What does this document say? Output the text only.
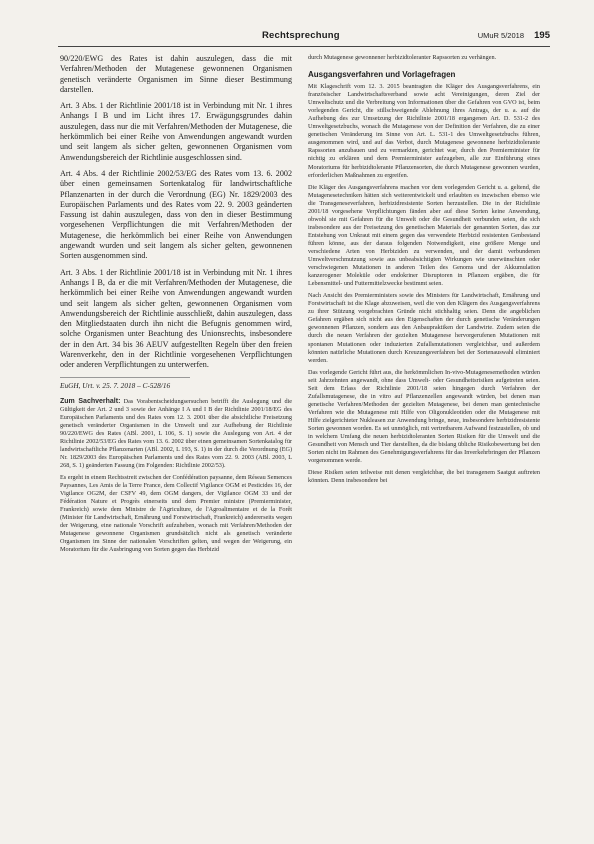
Rechtsprechung	UMuR 5/2018 195

90/220/EWG des Rates ist dahin auszulegen, dass die mit Verfahren/Methoden der Mutagenese gewonnenen Organismen genetisch veränderte Organismen im Sinne dieser Bestimmung darstellen.

Art. 3 Abs. 1 der Richtlinie 2001/18 ist in Verbindung mit Nr. 1 ihres Anhangs I B und im Licht ihres 17. Erwägungsgrundes dahin auszulegen, dass nur die mit Verfahren/Methoden der Mutagenese, die herkömmlich bei einer Reihe von Anwendungen angewandt wurden und seit langem als sicher gelten, gewonnenen Organismen vom Anwendungsbereich der Richtlinie ausgeschlossen sind.

Art. 4 Abs. 4 der Richtlinie 2002/53/EG des Rates vom 13. 6. 2002 über einen gemeinsamen Sortenkatalog für landwirtschaftliche Pflanzenarten in der durch die Verordnung (EG) Nr. 1829/2003 des Europäischen Parlaments und des Rates vom 22. 9. 2003 geänderten Fassung ist dahin auszulegen, dass von den in dieser Bestimmung vorgesehenen Verpflichtungen die mit Verfahren/Methoden der Mutagenese, die herkömmlich bei einer Reihe von Anwendungen angewandt wurden und seit langem als sicher gelten, gewonnenen Sorten ausgenommen sind.

Art. 3 Abs. 1 der Richtlinie 2001/18 ist in Verbindung mit Nr. 1 ihres Anhangs I B, da er die mit Verfahren/Methoden der Mutagenese, die herkömmlich bei einer Reihe von Anwendungen angewandt wurden und seit langem als sicher gelten, gewonnenen Organismen vom Anwendungsbereich der Richtlinie ausschließt, dahin auszulegen, dass den Mitgliedstaaten durch ihn nicht die Befugnis genommen wird, solche Organismen unter Beachtung des Unionsrechts, insbesondere der in den Art. 34 bis 36 AEUV aufgestellten Regeln über den freien Warenverkehr, den in der Richtlinie vorgesehenen Verpflichtungen oder anderen Verpflichtungen zu unterwerfen.

EuGH, Urt. v. 25. 7. 2018 – C-528/16

Zum Sachverhalt: Das Vorabentscheidungsersuchen betrifft die Auslegung und die Gültigkeit der Art. 2 und 3 sowie der Anhänge I A und I B der Richtlinie 2001/18/EG des Europäischen Parlaments und des Rates vom 12. 3. 2001 über die absichtliche Freisetzung genetisch veränderter Organismen in die Umwelt und zur Aufhebung der Richtlinie 90/220/EWG des Rates (ABl. 2001, L 106, S. 1) sowie die Auslegung von Art. 4 der Richtlinie 2002/53/EG des Rates vom 13. 6. 2002 über einen gemeinsamen Sortenkatalog für landwirtschaftliche Pflanzenarten (ABl. 2002, L 193, S. 1) in der durch die Verordnung (EG) Nr. 1829/2003 des Europäischen Parlaments und des Rates vom 22. 9. 2003 (ABl. 2003, L 268, S. 1) geänderten Fassung (im Folgenden: Richtlinie 2002/53).

Es ergeht in einem Rechtsstreit zwischen der Confédération paysanne, dem Réseau Semences Paysannes, Les Amis de la Terre France, dem Collectif Vigilance OGM et Pesticides 16, der Vigilance OG2M, der CSFV 49, dem OGM dangers, der Vigilance OGM 33 und der Fédération Nature et Progrès einerseits und dem Premier ministre (Premierminister, Frankreich) sowie dem Ministre de l'Agriculture, de l'Agroalimentaire et de la Forêt (Minister für Landwirtschaft, Ernährung und Forstwirtschaft, Frankreich) andererseits wegen der Weigerung, eine nationale Vorschrift aufzuheben, wonach mit Verfahren/Methoden der Mutagenese gewonnene Organismen grundsätzlich nicht als genetisch veränderte Organismen im Sinne der nationalen Vorschriften gelten, und wegen der Weigerung, ein Moratorium für die Ausbringung von Sorten gegen das Herbizid

durch Mutagenese gewonnener herbizidtoleranter Rapssorten zu verhängen.

Ausgangsverfahren und Vorlagefragen

Mit Klageschrift vom 12. 3. 2015 beantragten die Kläger des Ausgangsverfahrens, ein französischer Landwirtschaftsverband sowie acht Vereinigungen, deren Ziel der Umweltschutz und die Verbreitung von Informationen über die Gefahren von GVO ist, beim vorlegenden Gericht, die stillschweigende Ablehnung ihres Antrags, der u. a. auf die Aufhebung des zur Umsetzung der Richtlinie 2001/18 ergangenen Art. D. 531-2 des Umweltgesetzbuchs, wonach die Mutagenese von der Definition der Verfahren, die zu einer genetischen Veränderung im Sinne von Art. L. 531-1 des Umweltgesetzbuchs führen, ausgenommen wird, und auf das Verbot, durch Mutagenese gewonnene herbizidtolerante Rapssorten anzubauen und zu vermarkten, gerichtet war, durch den Premierminister für nichtig zu erklären und dem Premierminister aufzugeben, alle zur Einführung eines Moratoriums für herbizidtolerante Pflanzensorten, die durch Mutagenese gewonnen wurden, erforderlichen Maßnahmen zu ergreifen.

Die Kläger des Ausgangsverfahrens machen vor dem vorlegenden Gericht u. a. geltend, die Mutagenesetechniken hätten sich weiterentwickelt und erlaubten es inzwischen ebenso wie die Transgeneseverfahren, herbizidresistente Sorten herzustellen. Die in der Richtlinie 2001/18 vorgesehene Verpflichtungen fänden aber auf diese Sorten keine Anwendung, obwohl sie mit Gefahren für die Umwelt oder die Gesundheit verbunden seien, die sich insbesondere aus der Freisetzung des genetischen Materials der genannten Sorten, das zur Entstehung von Unkraut mit einem gegen das verwendete Herbizid resistenten Genbestand führen könne, aus der daraus folgenden Notwendigkeit, eine größere Menge und verschiedene Arten von Herbiziden zu verwenden, und der damit verbundenen Umweltverschmutzung sowie aus unbeabsichtigten Wirkungen wie unerwünschten oder verschwiegenen Mutationen in anderen Teilen des Genoms und der Akkumulation kanzerogener Moleküle oder endokriner Disruptoren in Pflanzen ergäben, die für Lebensmittel- und Futtermittelzwecke bestimmt seien.

Nach Ansicht des Premierministers sowie des Ministers für Landwirtschaft, Ernährung und Forstwirtschaft ist die Klage abzuweisen, weil die von den Klägern des Ausgangsverfahrens zu ihrer Stützung vorgebrachten Gründe nicht stichhaltig seien. Denn die angeblichen Gefahren ergäben sich nicht aus den Eigenschaften der durch genetische Veränderungen gewonnenen Pflanzen, sondern aus den Anbaupraktiken der Landwirte. Zudem seien die durch die neuen Verfahren der gezielten Mutagenese hervorgerufenen Mutationen mit spontanen Mutationen oder induzierten Zufallsmutationen vergleichbar, und außerdem könnten natürliche Mutationen durch Kreuzungsverfahren bei der Sortenauswahl eliminiert werden.

Das vorlegende Gericht führt aus, die herkömmlichen In-vivo-Mutagenesemethoden würden seit Jahrzehnten angewandt, ohne dass Umwelt- oder Gesundheitsrisiken aufgetreten seien. Seit dem Erlass der Richtlinie 2001/18 seien hingegen durch Verfahren der Zufallsmutagenese, die in vitro auf Pflanzenzellen angewandt würden, bei denen man genetische Verfahren/Methoden der gezielten Mutagenese, bei denen man gentechnische Verfahren wie die Mutagenese mit Hilfe von Oligonukleotiden oder die Mutagenese mit Hilfe zielgerichteter Nukleasen zur Anwendung bringe, neue, insbesondere herbizidresistente Sorten gewonnen worden. Es sei unmöglich, mit vertretbarem Aufwand festzustellen, ob und in welchem Umfang die neuen herbizidtoleranten Sorten Risiken für die Umwelt und die Gesundheit von Mensch und Tier darstellten, da die bislang übliche Risikobewertung bei den Sorten nicht im Rahmen des Genehmigungsverfahrens für das Inverkehrbringen der Pflanzen vorgenommen werde.

Diese Risiken seien teilweise mit denen vergleichbar, die bei transgenem Saatgut auftreten könnten. Denn insbesondere bei
